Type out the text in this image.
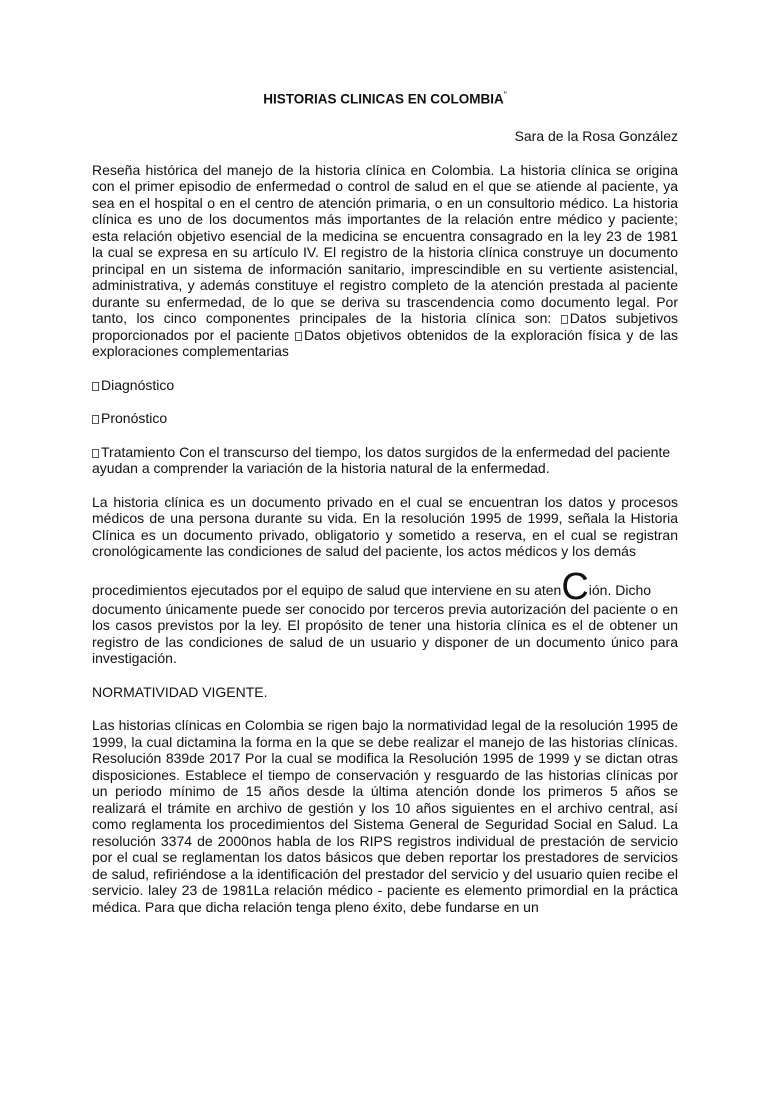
HISTORIAS CLINICAS EN COLOMBIA”
Sara de la Rosa González

Reseña histórica del manejo de la historia clínica en Colombia. La historia clínica se origina con el primer episodio de enfermedad o control de salud en el que se atiende al paciente, ya sea en el hospital o en el centro de atención primaria, o en un consultorio médico. La historia clínica es uno de los documentos más importantes de la relación entre médico y paciente; esta relación objetivo esencial de la medicina se encuentra consagrado en la ley 23 de 1981 la cual se expresa en su artículo IV. El registro de la historia clínica construye un documento principal en un sistema de información sanitario, imprescindible en su vertiente asistencial, administrativa, y además constituye el registro completo de la atención prestada al paciente durante su enfermedad, de lo que se deriva su trascendencia como documento legal. Por tanto, los cinco componentes principales de la historia clínica son: Datos subjetivos proporcionados por el paciente Datos objetivos obtenidos de la exploración física y de las exploraciones complementarias

Diagnóstico

Pronóstico

Tratamiento Con el transcurso del tiempo, los datos surgidos de la enfermedad del paciente ayudan a comprender la variación de la historia natural de la enfermedad.

La historia clínica es un documento privado en el cual se encuentran los datos y procesos médicos de una persona durante su vida. En la resolución 1995 de 1999, señala la Historia Clínica es un documento privado, obligatorio y sometido a reserva, en el cual se registran cronológicamente las condiciones de salud del paciente, los actos médicos y los demás

procedimientos ejecutados por el equipo de salud que interviene en su atenCión. Dicho

documento únicamente puede ser conocido por terceros previa autorización del paciente o en los casos previstos por la ley. El propósito de tener una historia clínica es el de obtener un registro de las condiciones de salud de un usuario y disponer de un documento único para investigación.

NORMATIVIDAD VIGENTE.

Las historias clínicas en Colombia se rigen bajo la normatividad legal de la resolución 1995 de 1999, la cual dictamina la forma en la que se debe realizar el manejo de las historias clínicas. Resolución 839de 2017 Por la cual se modifica la Resolución 1995 de 1999 y se dictan otras disposiciones. Establece el tiempo de conservación y resguardo de las historias clínicas por un periodo mínimo de 15 años desde la última atención donde los primeros 5 años se realizará el trámite en archivo de gestión y los 10 años siguientes en el archivo central, así como reglamenta los procedimientos del Sistema General de Seguridad Social en Salud. La resolución 3374 de 2000nos habla de los RIPS registros individual de prestación de servicio por el cual se reglamentan los datos básicos que deben reportar los prestadores de servicios de salud, refiriéndose a la identificación del prestador del servicio y del usuario quien recibe el servicio. laley 23 de 1981La relación médico - paciente es elemento primordial en la práctica médica. Para que dicha relación tenga pleno éxito, debe fundarse en un
